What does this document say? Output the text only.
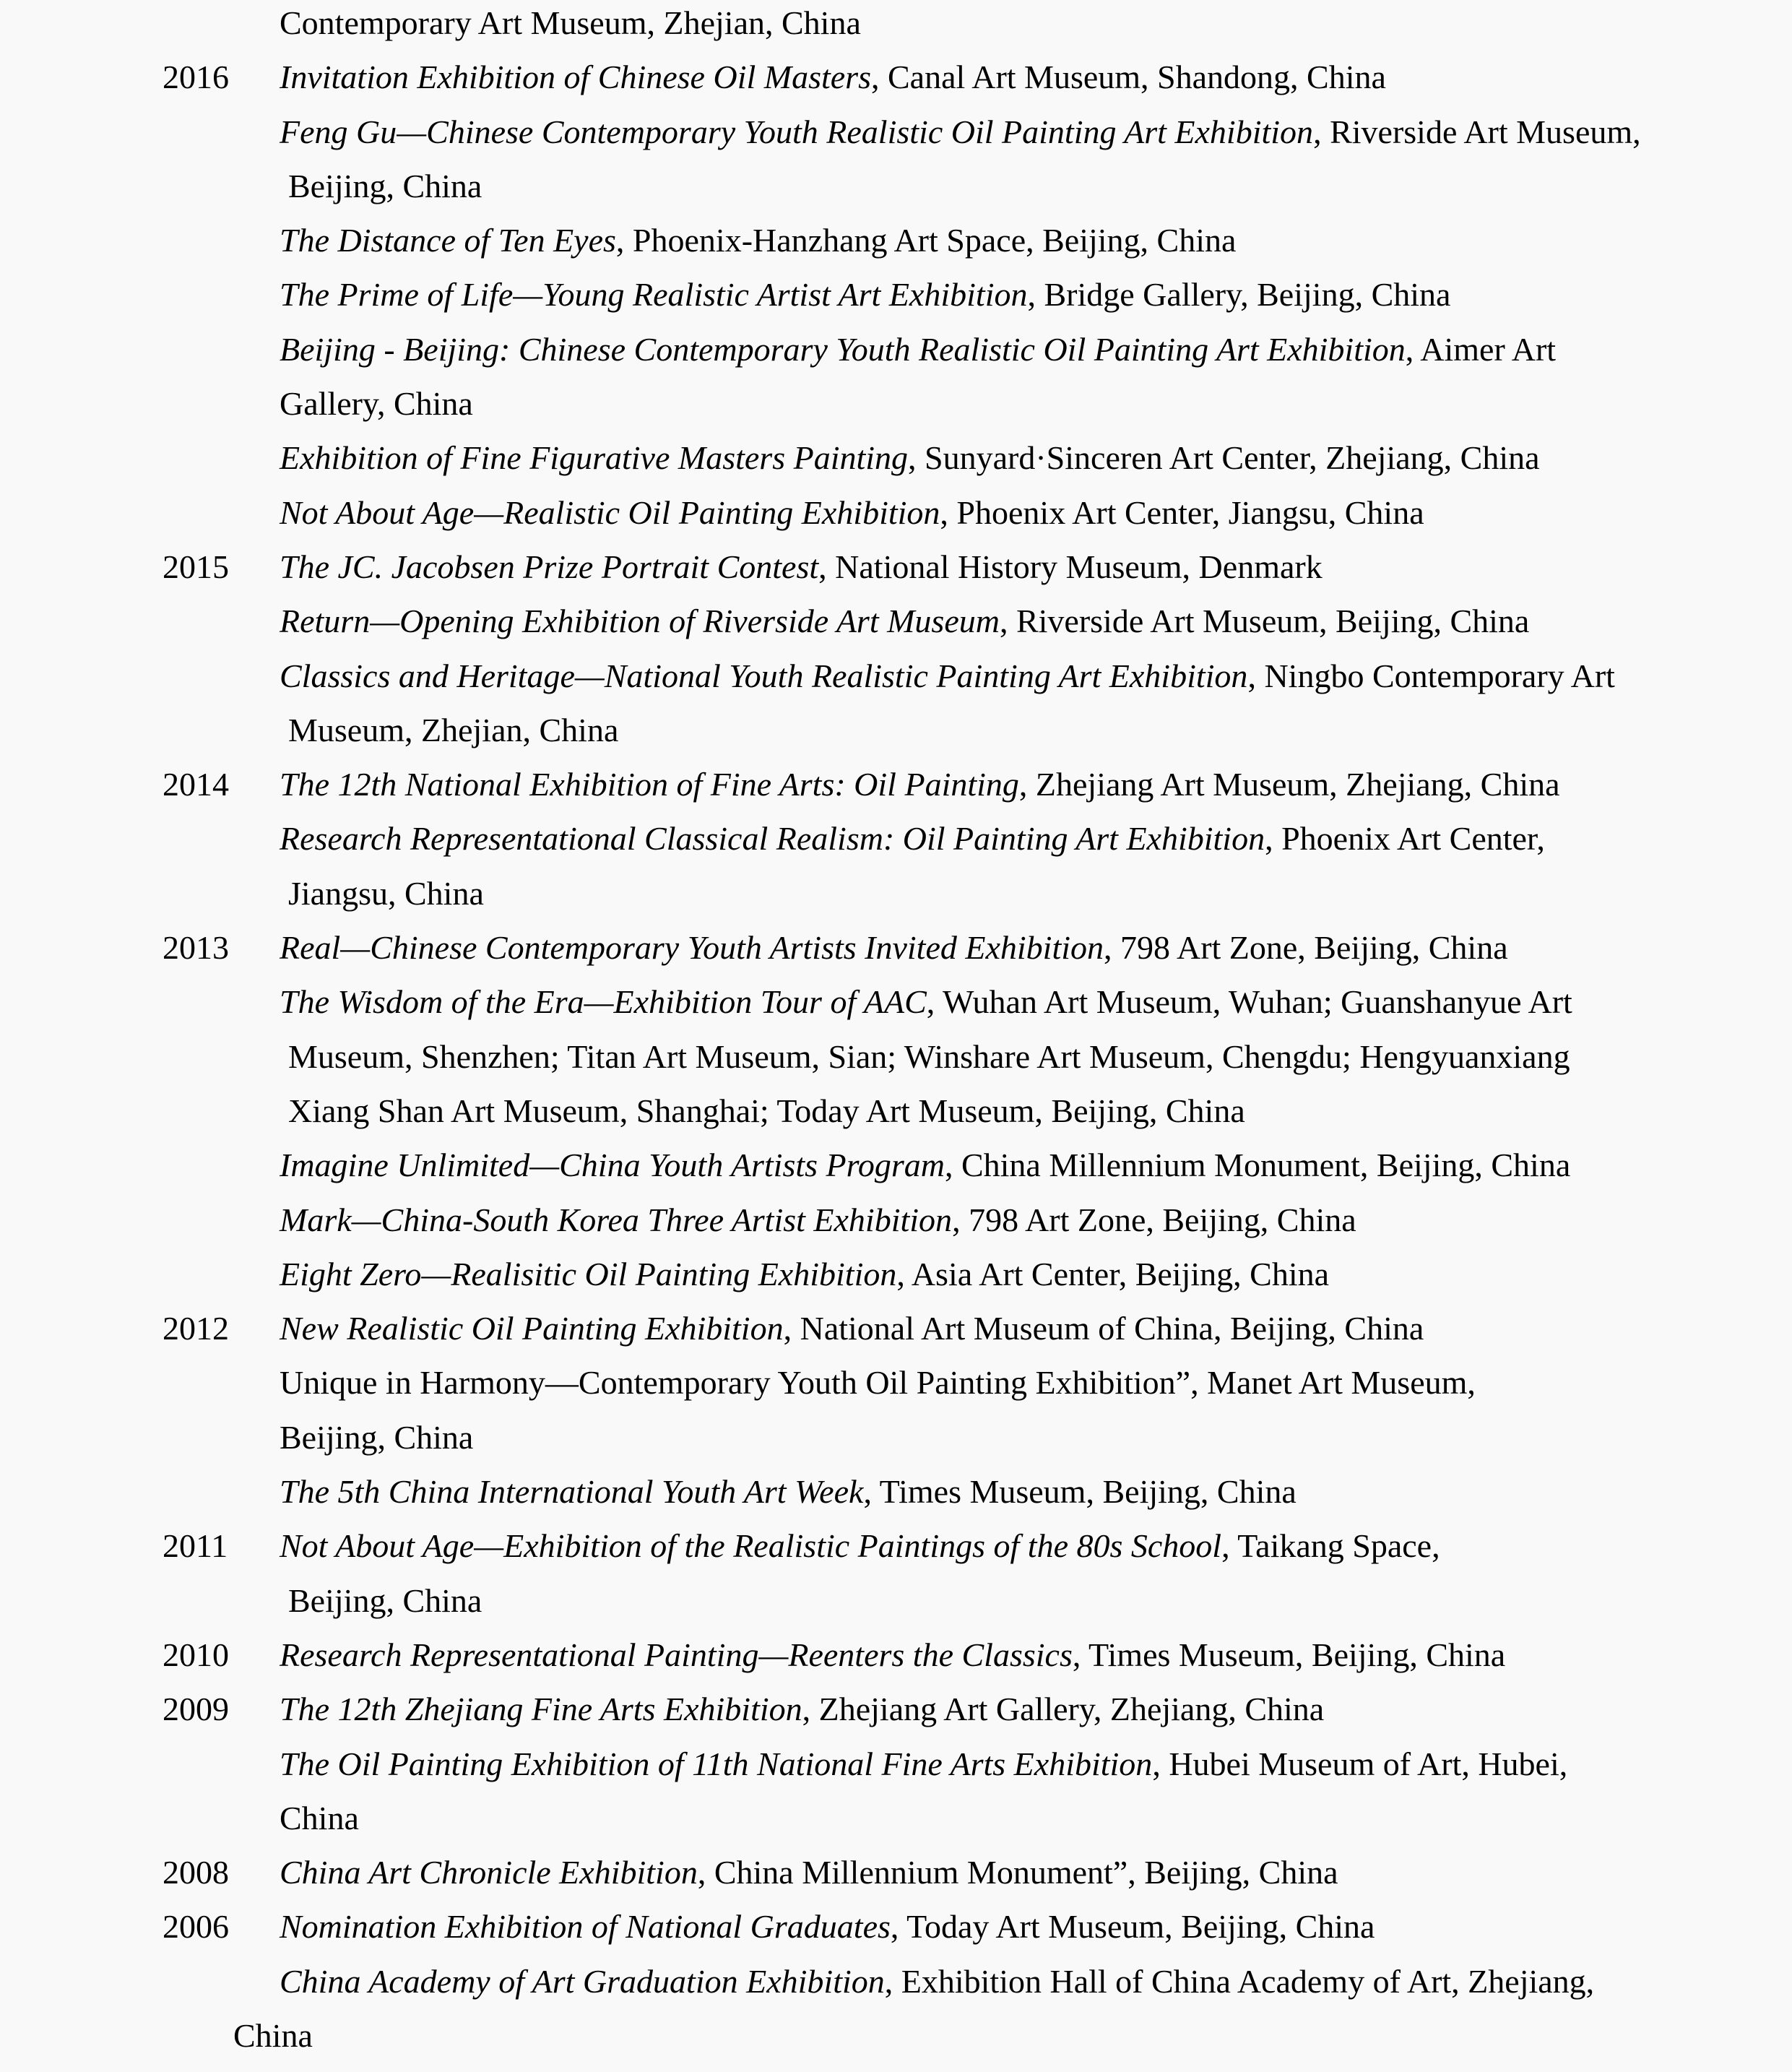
Contemporary Art Museum, Zhejian, China
2016 Invitation Exhibition of Chinese Oil Masters, Canal Art Museum, Shandong, China
Feng Gu—Chinese Contemporary Youth Realistic Oil Painting Art Exhibition, Riverside Art Museum,
Beijing, China
The Distance of Ten Eyes, Phoenix-Hanzhang Art Space, Beijing, China
The Prime of Life—Young Realistic Artist Art Exhibition, Bridge Gallery, Beijing, China
Beijing - Beijing: Chinese Contemporary Youth Realistic Oil Painting Art Exhibition, Aimer Art
Gallery, China
Exhibition of Fine Figurative Masters Painting, Sunyard·Sinceren Art Center, Zhejiang, China
Not About Age—Realistic Oil Painting Exhibition, Phoenix Art Center, Jiangsu, China
2015 The JC. Jacobsen Prize Portrait Contest, National History Museum, Denmark
Return—Opening Exhibition of Riverside Art Museum, Riverside Art Museum, Beijing, China
Classics and Heritage—National Youth Realistic Painting Art Exhibition, Ningbo Contemporary Art
Museum, Zhejian, China
2014 The 12th National Exhibition of Fine Arts: Oil Painting, Zhejiang Art Museum, Zhejiang, China
Research Representational Classical Realism: Oil Painting Art Exhibition, Phoenix Art Center,
Jiangsu, China
2013 Real—Chinese Contemporary Youth Artists Invited Exhibition, 798 Art Zone, Beijing, China
The Wisdom of the Era—Exhibition Tour of AAC, Wuhan Art Museum, Wuhan; Guanshanyue Art
Museum, Shenzhen; Titan Art Museum, Sian; Winshare Art Museum, Chengdu; Hengyuanxiang
Xiang Shan Art Museum, Shanghai; Today Art Museum, Beijing, China
Imagine Unlimited—China Youth Artists Program, China Millennium Monument, Beijing, China
Mark—China-South Korea Three Artist Exhibition, 798 Art Zone, Beijing, China
Eight Zero—Realisitic Oil Painting Exhibition, Asia Art Center, Beijing, China
2012 New Realistic Oil Painting Exhibition, National Art Museum of China, Beijing, China
Unique in Harmony—Contemporary Youth Oil Painting Exhibition”, Manet Art Museum,
Beijing, China
The 5th China International Youth Art Week, Times Museum, Beijing, China
2011 Not About Age—Exhibition of the Realistic Paintings of the 80s School, Taikang Space,
Beijing, China
2010 Research Representational Painting—Reenters the Classics, Times Museum, Beijing, China
2009 The 12th Zhejiang Fine Arts Exhibition, Zhejiang Art Gallery, Zhejiang, China
The Oil Painting Exhibition of 11th National Fine Arts Exhibition, Hubei Museum of Art, Hubei,
China
2008 China Art Chronicle Exhibition, China Millennium Monument”, Beijing, China
2006 Nomination Exhibition of National Graduates, Today Art Museum, Beijing, China
China Academy of Art Graduation Exhibition, Exhibition Hall of China Academy of Art, Zhejiang,
China
